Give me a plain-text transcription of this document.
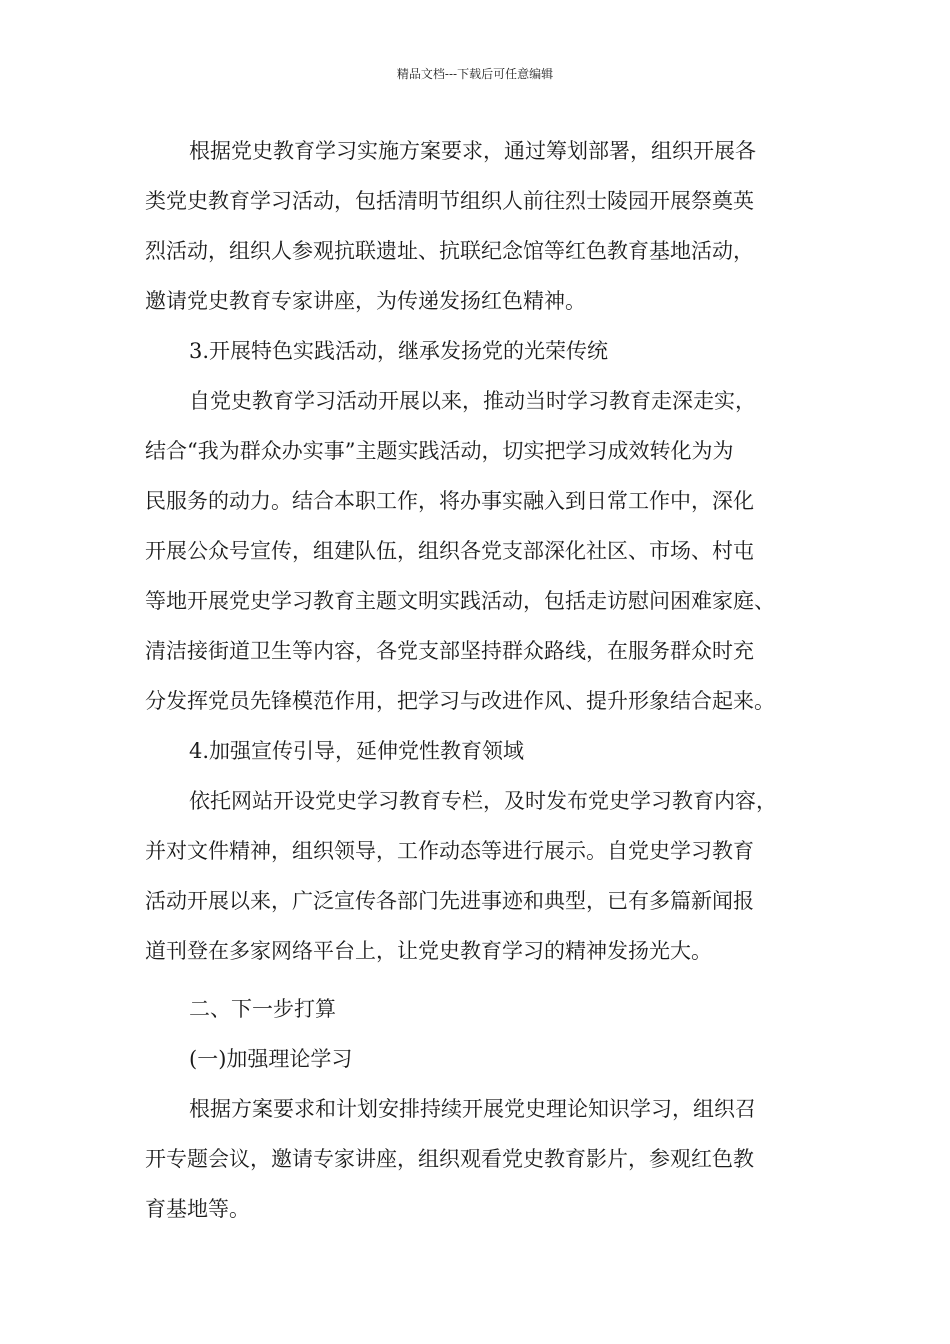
精品文档---下载后可任意编辑
根据党史教育学习实施方案要求，通过筹划部署，组织开展各
类党史教育学习活动，包括清明节组织人前往烈士陵园开展祭奠英
烈活动，组织人参观抗联遗址、抗联纪念馆等红色教育基地活动，
邀请党史教育专家讲座，为传递发扬红色精神。
3.开展特色实践活动，继承发扬党的光荣传统
自党史教育学习活动开展以来，推动当时学习教育走深走实，
结合“我为群众办实事”主题实践活动，切实把学习成效转化为为
民服务的动力。结合本职工作，将办事实融入到日常工作中，深化
开展公众号宣传，组建队伍，组织各党支部深化社区、市场、村屯
等地开展党史学习教育主题文明实践活动，包括走访慰问困难家庭、
清洁接街道卫生等内容，各党支部坚持群众路线，在服务群众时充
分发挥党员先锋模范作用，把学习与改进作风、提升形象结合起来。
4.加强宣传引导，延伸党性教育领域
依托网站开设党史学习教育专栏，及时发布党史学习教育内容，
并对文件精神，组织领导，工作动态等进行展示。自党史学习教育
活动开展以来，广泛宣传各部门先进事迹和典型，已有多篇新闻报
道刊登在多家网络平台上，让党史教育学习的精神发扬光大。
二、下一步打算
(一)加强理论学习
根据方案要求和计划安排持续开展党史理论知识学习，组织召
开专题会议，邀请专家讲座，组织观看党史教育影片，参观红色教
育基地等。
